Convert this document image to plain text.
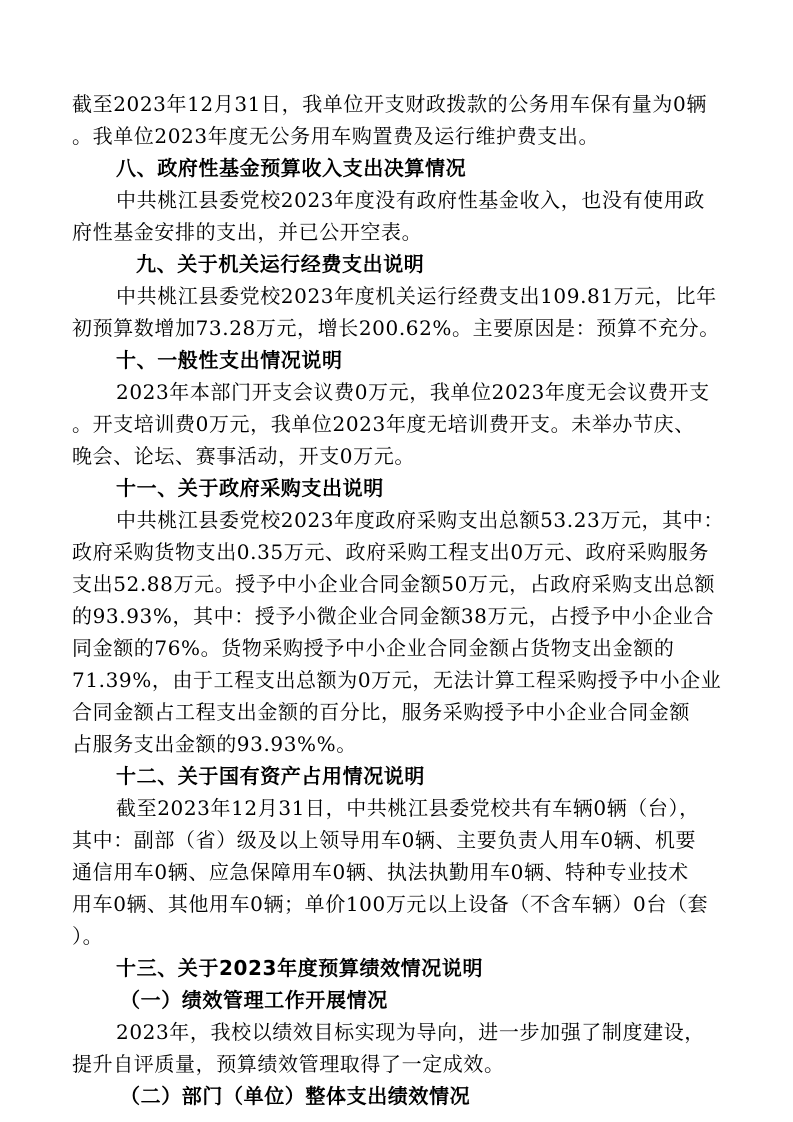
截至2023年12月31日，我单位开支财政拨款的公务用车保有量为0辆
。我单位2023年度无公务用车购置费及运行维护费支出。
八、政府性基金预算收入支出决算情况
中共桃江县委党校2023年度没有政府性基金收入，也没有使用政
府性基金安排的支出，并已公开空表。
九、关于机关运行经费支出说明
中共桃江县委党校2023年度机关运行经费支出109.81万元，比年
初预算数增加73.28万元，增长200.62%。主要原因是：预算不充分。
十、一般性支出情况说明
2023年本部门开支会议费0万元，我单位2023年度无会议费开支
。开支培训费0万元，我单位2023年度无培训费开支。未举办节庆、
晚会、论坛、赛事活动，开支0万元。
十一、关于政府采购支出说明
中共桃江县委党校2023年度政府采购支出总额53.23万元，其中：
政府采购货物支出0.35万元、政府采购工程支出0万元、政府采购服务
支出52.88万元。授予中小企业合同金额50万元，占政府采购支出总额
的93.93%，其中：授予小微企业合同金额38万元，占授予中小企业合
同金额的76%。货物采购授予中小企业合同金额占货物支出金额的
71.39%，由于工程支出总额为0万元，无法计算工程采购授予中小企业
合同金额占工程支出金额的百分比，服务采购授予中小企业合同金额
占服务支出金额的93.93%%。
十二、关于国有资产占用情况说明
截至2023年12月31日，中共桃江县委党校共有车辆0辆（台），
其中：副部（省）级及以上领导用车0辆、主要负责人用车0辆、机要
通信用车0辆、应急保障用车0辆、执法执勤用车0辆、特种专业技术
用车0辆、其他用车0辆；单价100万元以上设备（不含车辆）0台（套
）。
十三、关于2023年度预算绩效情况说明
（一）绩效管理工作开展情况
2023年，我校以绩效目标实现为导向，进一步加强了制度建设，
提升自评质量，预算绩效管理取得了一定成效。
（二）部门（单位）整体支出绩效情况
